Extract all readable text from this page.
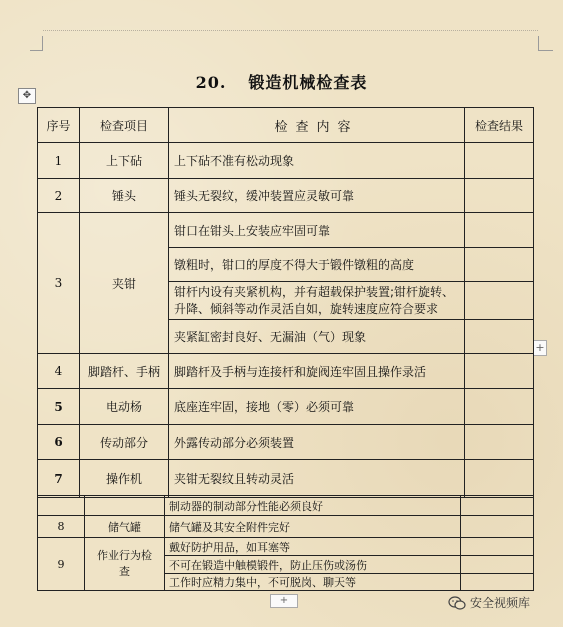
20. 锻造机械检查表
✥
+
+
序号	检查项目	检查内容	检查结果
1	上下砧	上下砧不准有松动现象	
2	锤头	锤头无裂纹，缓冲装置应灵敏可靠	
3	夹钳	钳口在钳头上安装应牢固可靠	
		镦粗时，钳口的厚度不得大于锻件镦粗的高度	
		钳杆内设有夹紧机构，并有超载保护装置;钳杆旋转、升降、倾斜等动作灵活自如，旋转速度应符合要求	
		夹紧缸密封良好、无漏油（气）现象	
4	脚踏杆、手柄	脚踏杆及手柄与连接杆和旋阀连牢固且操作录活	
5	电动杨	底座连牢固，接地（零）必须可靠	
6	传动部分	外露传动部分必须装置	
7	操作机	夹钳无裂纹且转动灵活	
		制动器的制动部分性能必须良好	
8	储气罐	储气罐及其安全附件完好	
9	作业行为检查	戴好防护用品，如耳塞等	
		不可在锻造中触模锻件，防止压伤或汤伤	
		工作时应精力集中，不可脱岗、聊天等	
安全视频库
